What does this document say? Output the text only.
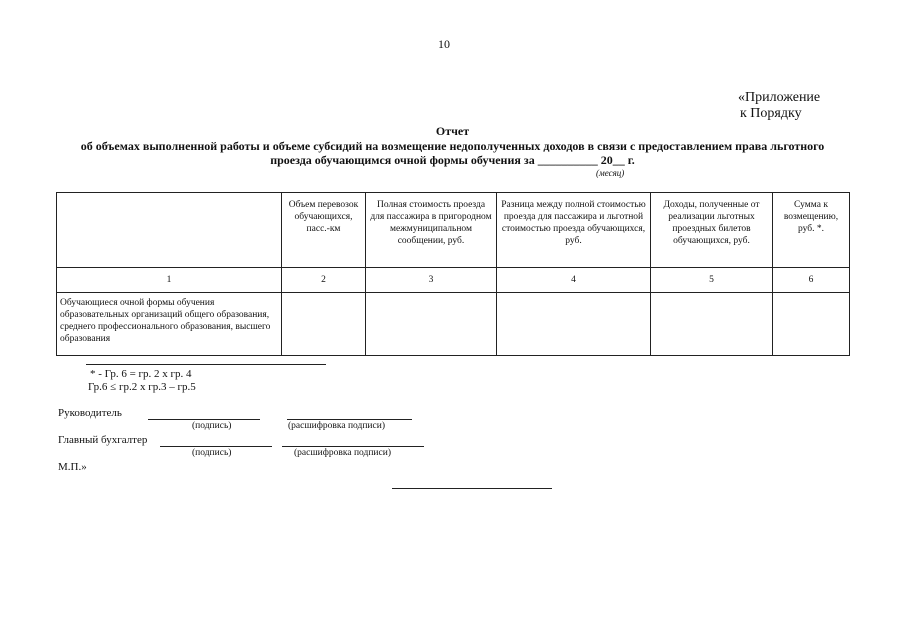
10
«Приложение
к Порядку
Отчет
об объемах выполненной работы и объеме субсидий на возмещение недополученных доходов в связи с предоставлением права льготного проезда обучающимся очной формы обучения за __________ 20__ г.
(месяц)
	Объем перевозок обучающихся, пасс.-км	Полная стоимость проезда для пассажира в пригородном межмуниципальном сообщении, руб.	Разница между полной стоимостью проезда для пассажира и льготной стоимостью проезда обучающихся, руб.	Доходы, полученные от реализации льготных проездных билетов обучающихся, руб.	Сумма к возмещению, руб. *.
1	2	3	4	5	6
Обучающиеся очной формы обучения образовательных организаций общего образования, среднего профессионального образования, высшего образования					
* - Гр. 6 = гр. 2 х гр. 4
Гр.6 ≤ гр.2 х гр.3 – гр.5
Руководитель
(подпись)	(расшифровка подписи)
Главный бухгалтер
(подпись)	(расшифровка подписи)
М.П.»
